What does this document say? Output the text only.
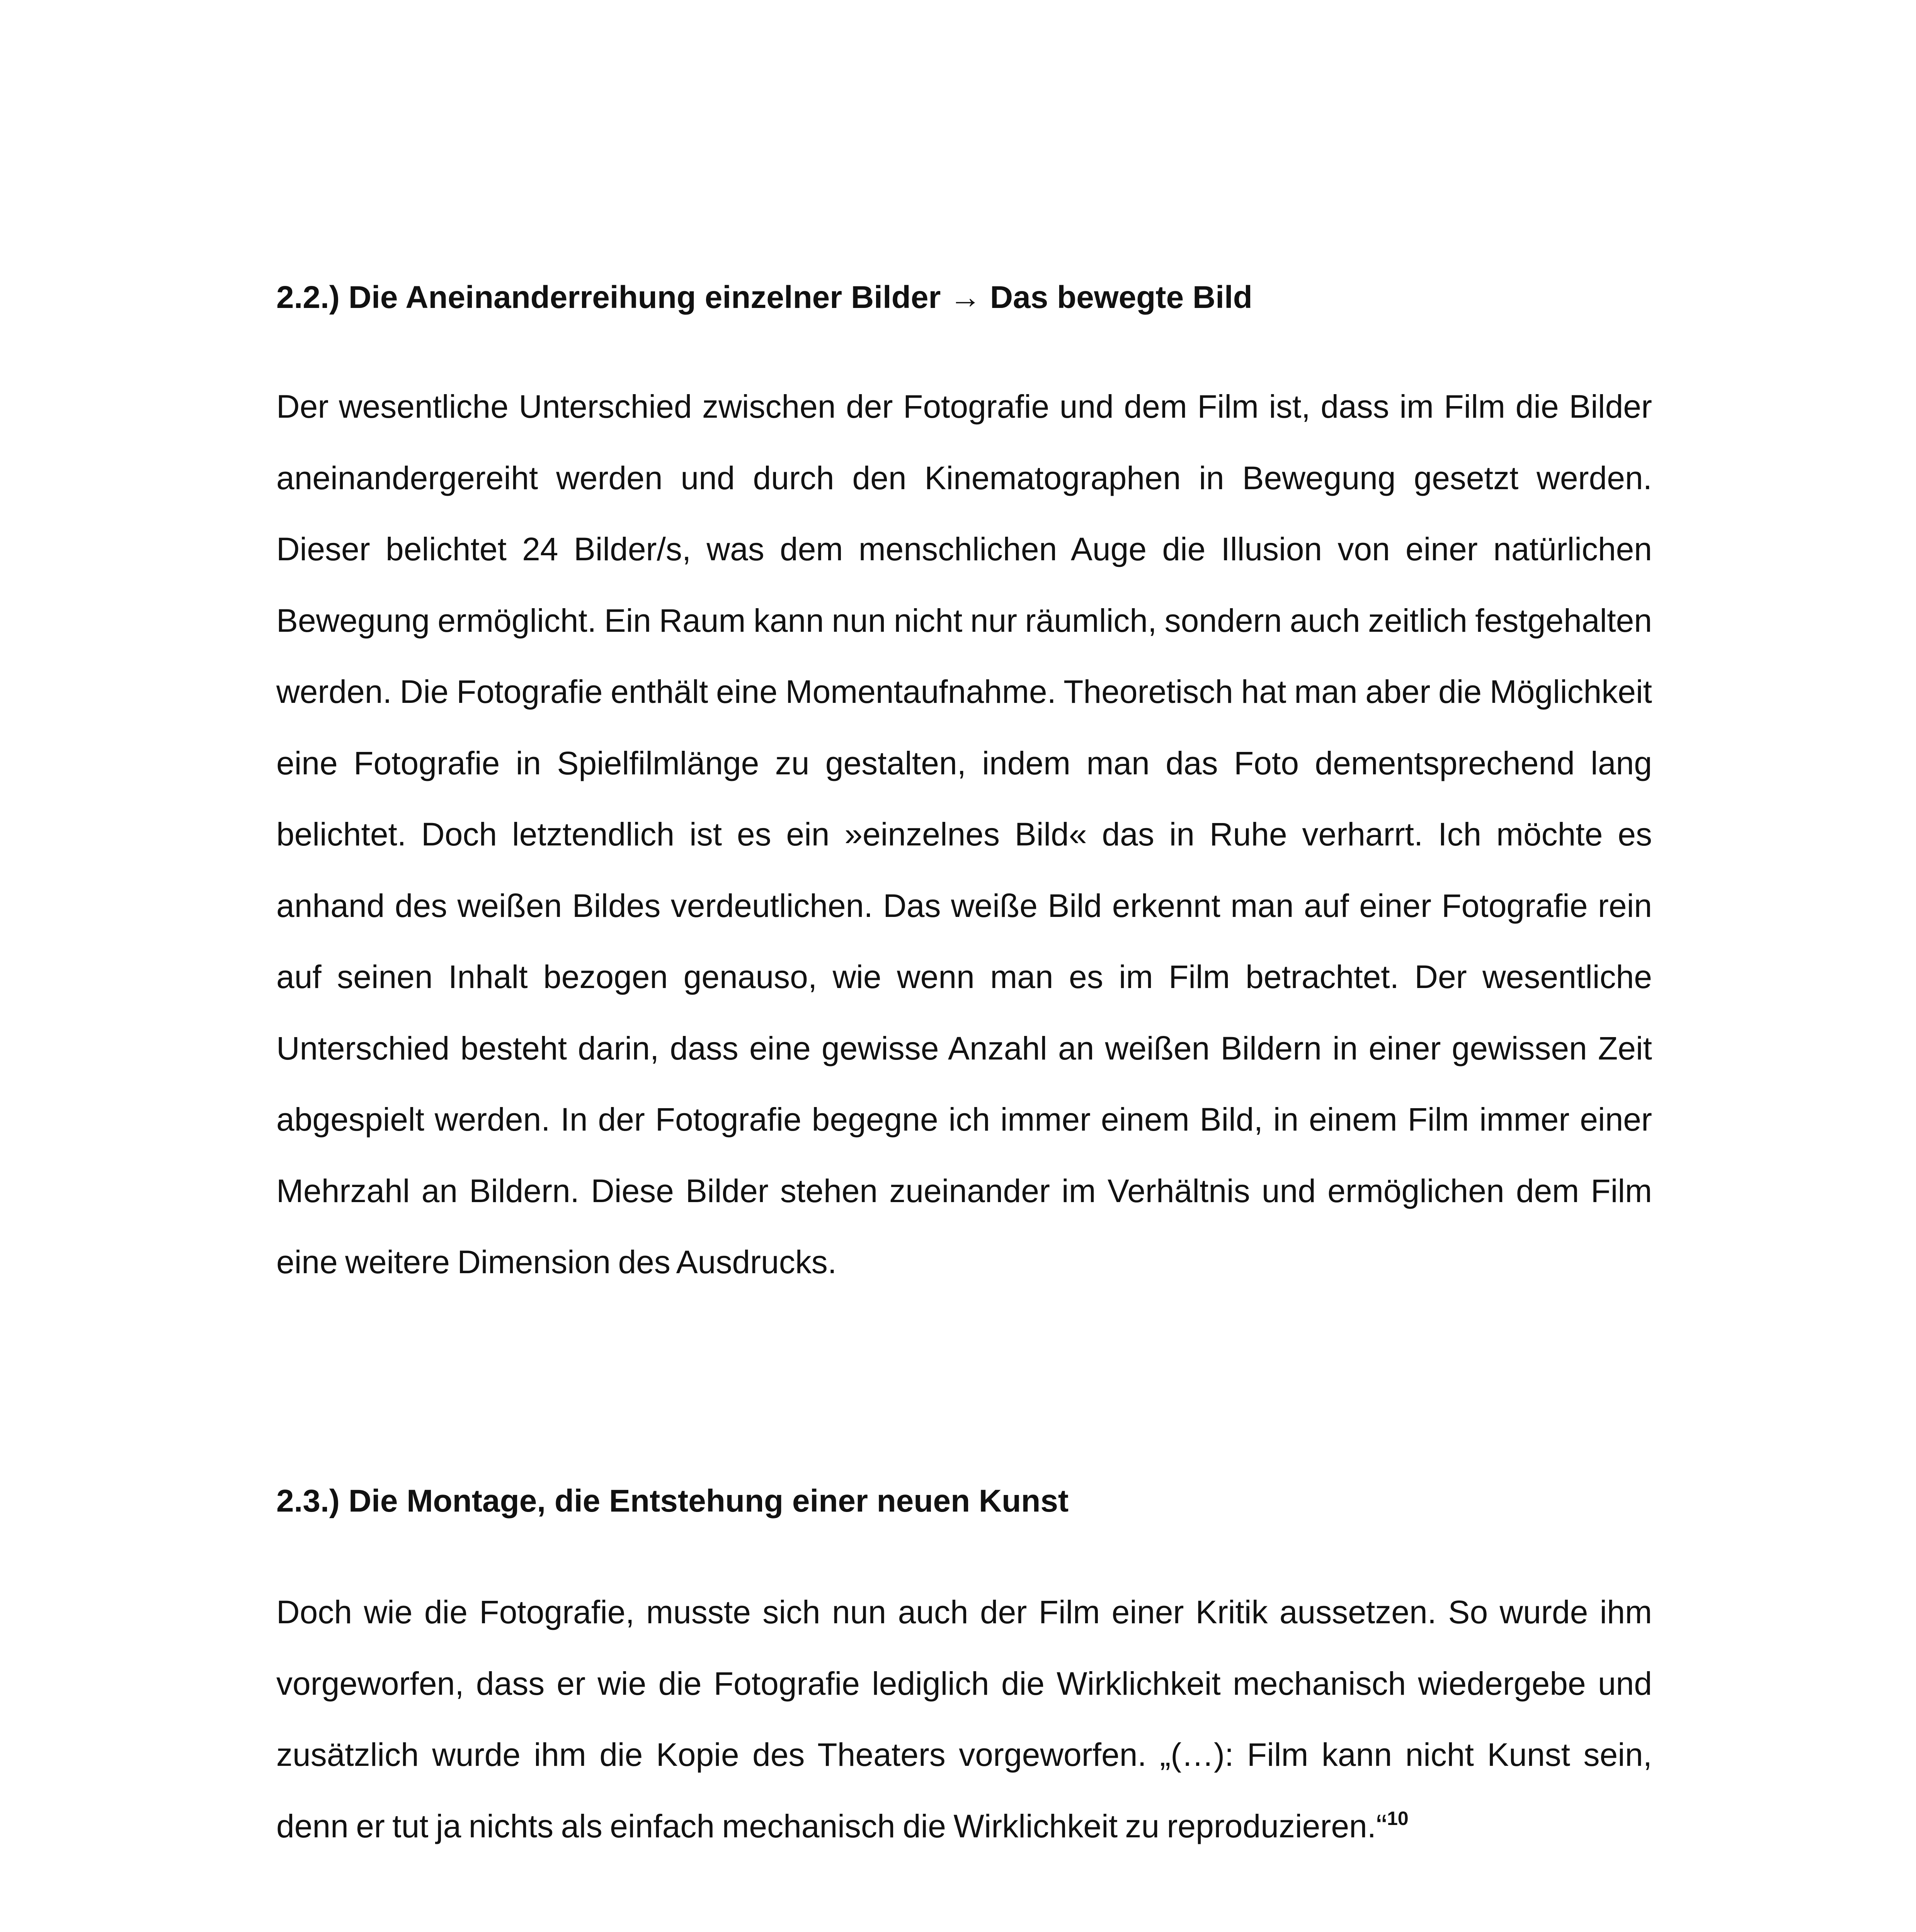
2.2.) Die Aneinanderreihung einzelner Bilder → Das bewegte Bild
Der wesentliche Unterschied zwischen der Fotografie und dem Film ist, dass im Film die Bilder aneinandergereiht werden und durch den Kinematographen in Bewegung gesetzt werden. Dieser belichtet 24 Bilder/s, was dem menschlichen Auge die Illusion von einer natürlichen Bewegung ermöglicht. Ein Raum kann nun nicht nur räumlich, sondern auch zeitlich festgehalten werden. Die Fotografie enthält eine Momentaufnahme. Theoretisch hat man aber die Möglichkeit eine Fotografie in Spielfilmlänge zu gestalten, indem man das Foto dementsprechend lang belichtet. Doch letztendlich ist es ein »einzelnes Bild« das in Ruhe verharrt. Ich möchte es anhand des weißen Bildes verdeutlichen. Das weiße Bild erkennt man auf einer Fotografie rein auf seinen Inhalt bezogen genauso, wie wenn man es im Film betrachtet. Der wesentliche Unterschied besteht darin, dass eine gewisse Anzahl an weißen Bildern in einer gewissen Zeit abgespielt werden. In der Fotografie begegne ich immer einem Bild, in einem Film immer einer Mehrzahl an Bildern. Diese Bilder stehen zueinander im Verhältnis und ermöglichen dem Film eine weitere Dimension des Ausdrucks.
2.3.) Die Montage, die Entstehung einer neuen Kunst
Doch wie die Fotografie, musste sich nun auch der Film einer Kritik aussetzen. So wurde ihm vorgeworfen, dass er wie die Fotografie lediglich die Wirklichkeit mechanisch wiedergebe und zusätzlich wurde ihm die Kopie des Theaters vorgeworfen. „(…): Film kann nicht Kunst sein, denn er tut ja nichts als einfach mechanisch die Wirklichkeit zu reproduzieren.“$^{10}$
